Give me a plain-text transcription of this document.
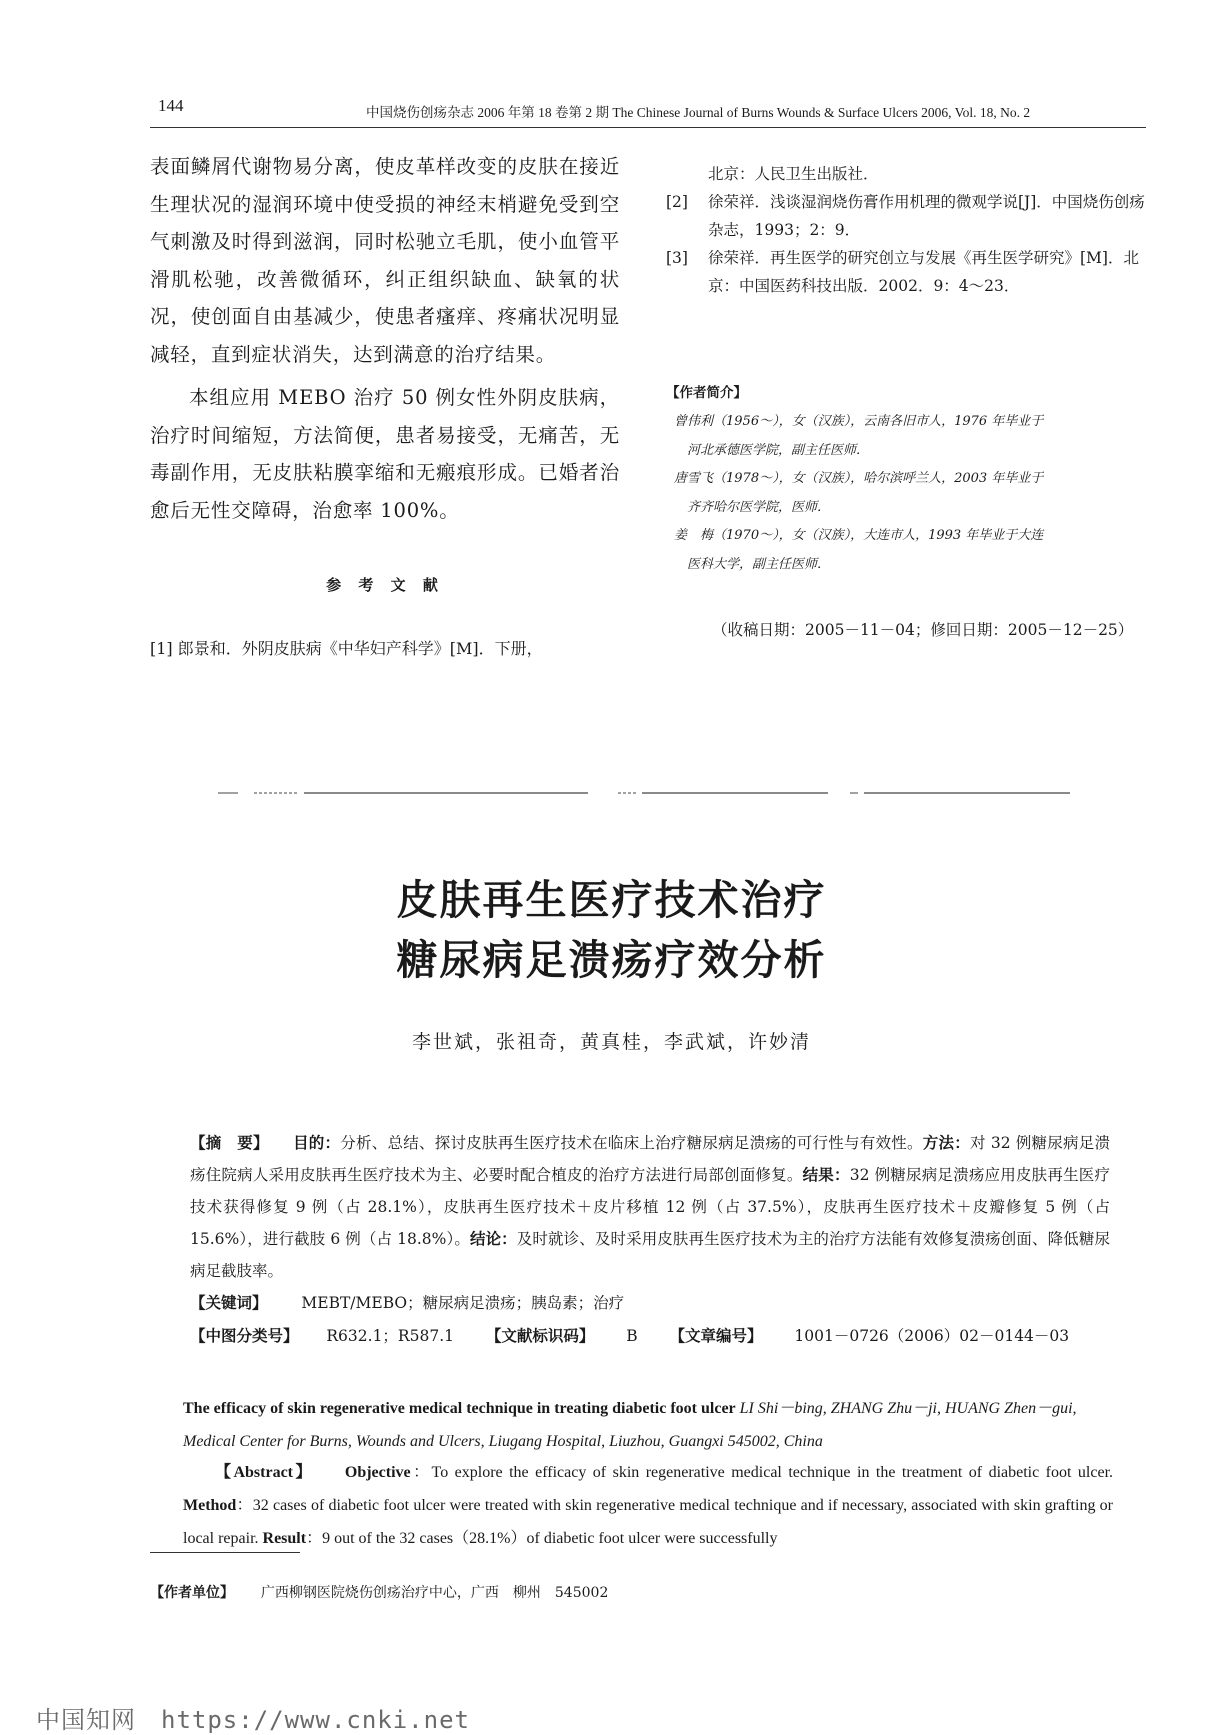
144	中国烧伤创疡杂志 2006 年第 18 卷第 2 期 The Chinese Journal of Burns Wounds & Surface Ulcers 2006, Vol. 18, No. 2

表面鳞屑代谢物易分离，使皮革样改变的皮肤在接近生理状况的湿润环境中使受损的神经末梢避免受到空气刺激及时得到滋润，同时松驰立毛肌，使小血管平滑肌松驰，改善微循环，纠正组织缺血、缺氧的状况，使创面自由基减少，使患者瘙痒、疼痛状况明显减轻，直到症状消失，达到满意的治疗结果。

本组应用 MEBO 治疗 50 例女性外阴皮肤病，治疗时间缩短，方法简便，患者易接受，无痛苦，无毒副作用，无皮肤粘膜挛缩和无瘢痕形成。已婚者治愈后无性交障碍，治愈率 100%。

参 考 文 献
[1] 郎景和．外阴皮肤病《中华妇产科学》[M]．下册，
北京：人民卫生出版社．
[2] 徐荣祥．浅谈湿润烧伤膏作用机理的微观学说[J]．中国烧伤创疡杂志，1993；2：9．
[3] 徐荣祥．再生医学的研究创立与发展《再生医学研究》[M]．北京：中国医药科技出版．2002．9：4～23．
【作者简介】
曾伟利（1956～），女（汉族），云南各旧市人，1976 年毕业于
河北承德医学院，副主任医师．
唐雪飞（1978～），女（汉族），哈尔滨呼兰人，2003 年毕业于
齐齐哈尔医学院，医师．
姜　梅（1970～），女（汉族），大连市人，1993 年毕业于大连
医科大学，副主任医师．
（收稿日期：2005－11－04；修回日期：2005－12－25）
皮肤再生医疗技术治疗
糖尿病足溃疡疗效分析
李世斌，张祖奇，黄真桂，李武斌，许妙清
【摘　要】 目的：分析、总结、探讨皮肤再生医疗技术在临床上治疗糖尿病足溃疡的可行性与有效性。方法：对 32 例糖尿病足溃疡住院病人采用皮肤再生医疗技术为主、必要时配合植皮的治疗方法进行局部创面修复。结果：32 例糖尿病足溃疡应用皮肤再生医疗技术获得修复 9 例（占 28.1%），皮肤再生医疗技术＋皮片移植 12 例（占 37.5%），皮肤再生医疗技术＋皮瓣修复 5 例（占 15.6%），进行截肢 6 例（占 18.8%）。结论：及时就诊、及时采用皮肤再生医疗技术为主的治疗方法能有效修复溃疡创面、降低糖尿病足截肢率。
【关键词】 MEBT/MEBO；糖尿病足溃疡；胰岛素；治疗
【中图分类号】 R632.1；R587.1 【文献标识码】 B 【文章编号】 1001－0726（2006）02－0144－03
The efficacy of skin regenerative medical technique in treating diabetic foot ulcer LI Shi－bing, ZHANG Zhu－ji, HUANG Zhen－gui, Medical Center for Burns, Wounds and Ulcers, Liugang Hospital, Liuzhou, Guangxi 545002, China
【Abstract】 Objective：To explore the efficacy of skin regenerative medical technique in the treatment of diabetic foot ulcer. Method：32 cases of diabetic foot ulcer were treated with skin regenerative medical technique and if necessary, associated with skin grafting or local repair. Result：9 out of the 32 cases（28.1%）of diabetic foot ulcer were successfully
【作者单位】 广西柳钢医院烧伤创疡治疗中心，广西　柳州　545002
中国知网　https://www.cnki.net
